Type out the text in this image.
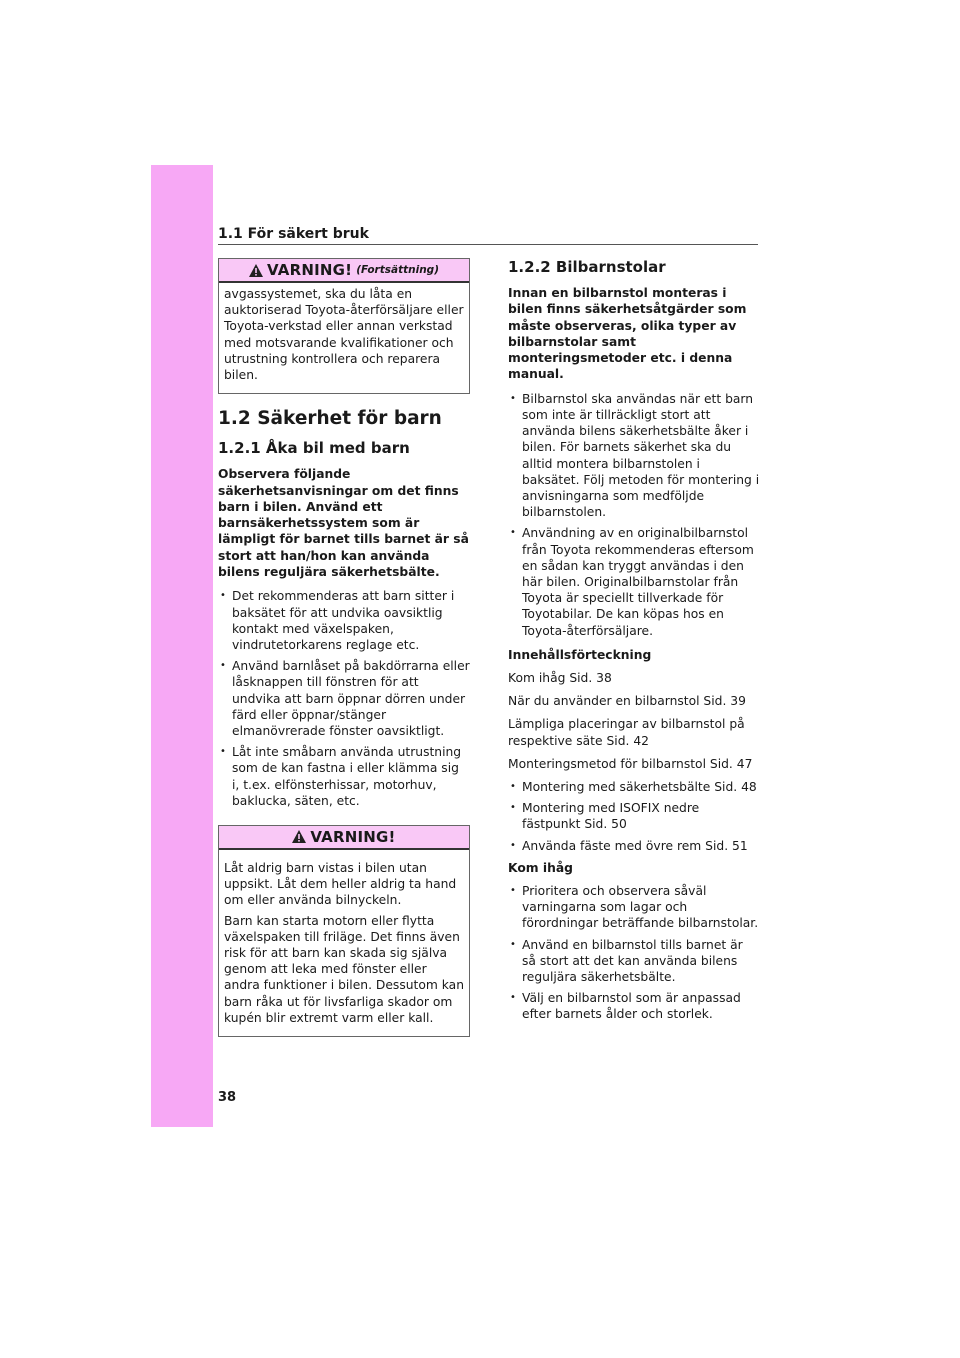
1.1 För säkert bruk
VARNING! (Fortsättning)

avgassystemet, ska du låta en auktoriserad Toyota-återförsäljare eller Toyota-verkstad eller annan verkstad med motsvarande kvalifikationer och utrustning kontrollera och reparera bilen.

1.2 Säkerhet för barn
1.2.1 Åka bil med barn

Observera följande säkerhetsanvisningar om det finns barn i bilen. Använd ett barnsäkerhetssystem som är lämpligt för barnet tills barnet är så stort att han/hon kan använda bilens reguljära säkerhetsbälte.

• Det rekommenderas att barn sitter i baksätet för att undvika oavsiktlig kontakt med växelspaken, vindrutetorkarens reglage etc.
• Använd barnlåset på bakdörrarna eller låsknappen till fönstren för att undvika att barn öppnar dörren under färd eller öppnar/stänger elmanövrerade fönster oavsiktligt.
• Låt inte småbarn använda utrustning som de kan fastna i eller klämma sig i, t.ex. elfönsterhissar, motorhuv, baklucka, säten, etc.
VARNING!

Låt aldrig barn vistas i bilen utan uppsikt. Låt dem heller aldrig ta hand om eller använda bilnyckeln.

Barn kan starta motorn eller flytta växelspaken till friläge. Det finns även risk för att barn kan skada sig själva genom att leka med fönster eller andra funktioner i bilen. Dessutom kan barn råka ut för livsfarliga skador om kupén blir extremt varm eller kall.

1.2.2 Bilbarnstolar

Innan en bilbarnstol monteras i bilen finns säkerhetsåtgärder som måste observeras, olika typer av bilbarnstolar samt monteringsmetoder etc. i denna manual.

• Bilbarnstol ska användas när ett barn som inte är tillräckligt stort att använda bilens säkerhetsbälte åker i bilen. För barnets säkerhet ska du alltid montera bilbarnstolen i baksätet. Följ metoden för montering i anvisningarna som medföljde bilbarnstolen.
• Användning av en originalbilbarnstol från Toyota rekommenderas eftersom en sådan kan tryggt användas i den här bilen. Originalbilbarnstolar från Toyota är speciellt tillverkade för Toyotabilar. De kan köpas hos en Toyota-återförsäljare.

Innehållsförteckning

Kom ihåg Sid. 38

När du använder en bilbarnstol Sid. 39

Lämpliga placeringar av bilbarnstol på respektive säte Sid. 42

Monteringsmetod för bilbarnstol Sid. 47

• Montering med säkerhetsbälte Sid. 48
• Montering med ISOFIX nedre fästpunkt Sid. 50
• Använda fäste med övre rem Sid. 51

Kom ihåg

• Prioritera och observera såväl varningarna som lagar och förordningar beträffande bilbarnstolar.
• Använd en bilbarnstol tills barnet är så stort att det kan använda bilens reguljära säkerhetsbälte.
• Välj en bilbarnstol som är anpassad efter barnets ålder och storlek.
38
